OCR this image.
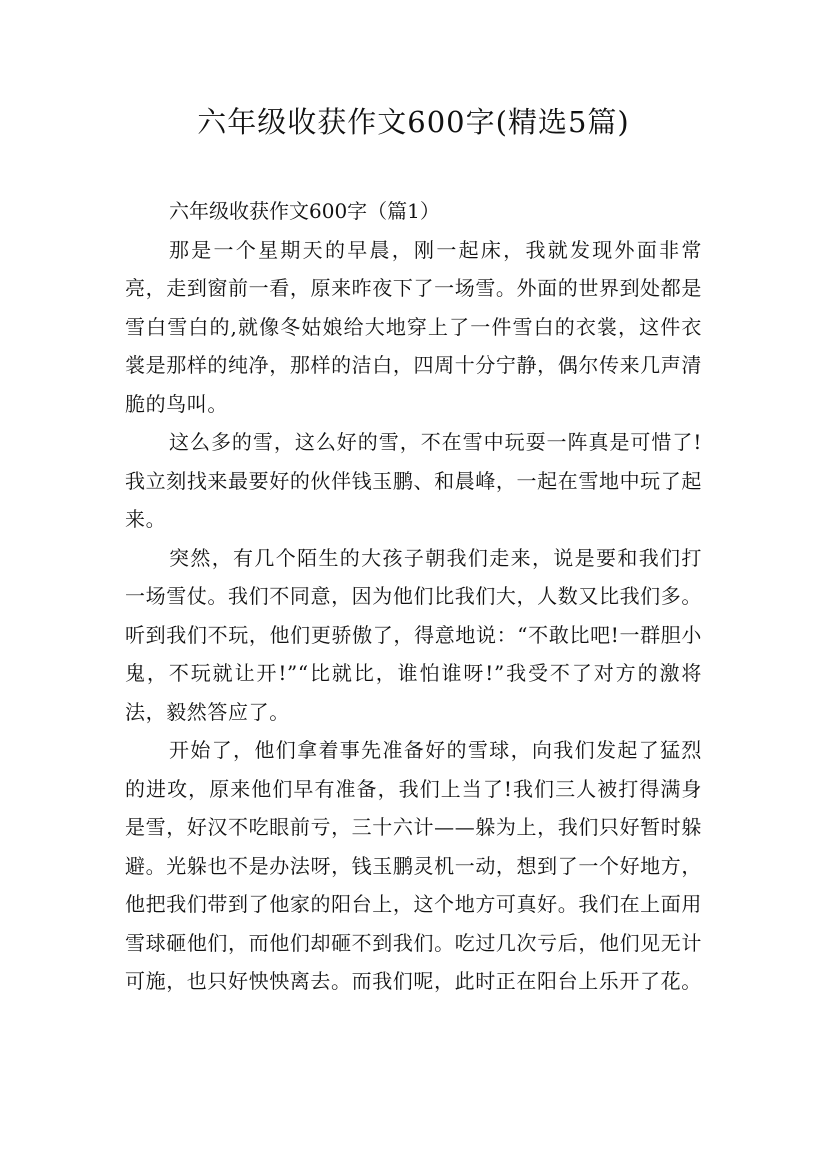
六年级收获作文600字(精选5篇)

六年级收获作文600字（篇1）

那是一个星期天的早晨，刚一起床，我就发现外面非常亮，走到窗前一看，原来昨夜下了一场雪。外面的世界到处都是雪白雪白的,就像冬姑娘给大地穿上了一件雪白的衣裳，这件衣裳是那样的纯净，那样的洁白，四周十分宁静，偶尔传来几声清脆的鸟叫。

这么多的雪，这么好的雪，不在雪中玩耍一阵真是可惜了!我立刻找来最要好的伙伴钱玉鹏、和晨峰，一起在雪地中玩了起来。

突然，有几个陌生的大孩子朝我们走来，说是要和我们打一场雪仗。我们不同意，因为他们比我们大，人数又比我们多。听到我们不玩，他们更骄傲了，得意地说：“不敢比吧!一群胆小鬼，不玩就让开!”“比就比，谁怕谁呀!”我受不了对方的激将法，毅然答应了。

开始了，他们拿着事先准备好的雪球，向我们发起了猛烈的进攻，原来他们早有准备，我们上当了!我们三人被打得满身是雪，好汉不吃眼前亏，三十六计——躲为上，我们只好暂时躲避。光躲也不是办法呀，钱玉鹏灵机一动，想到了一个好地方，他把我们带到了他家的阳台上，这个地方可真好。我们在上面用雪球砸他们，而他们却砸不到我们。吃过几次亏后，他们见无计可施，也只好怏怏离去。而我们呢，此时正在阳台上乐开了花。
